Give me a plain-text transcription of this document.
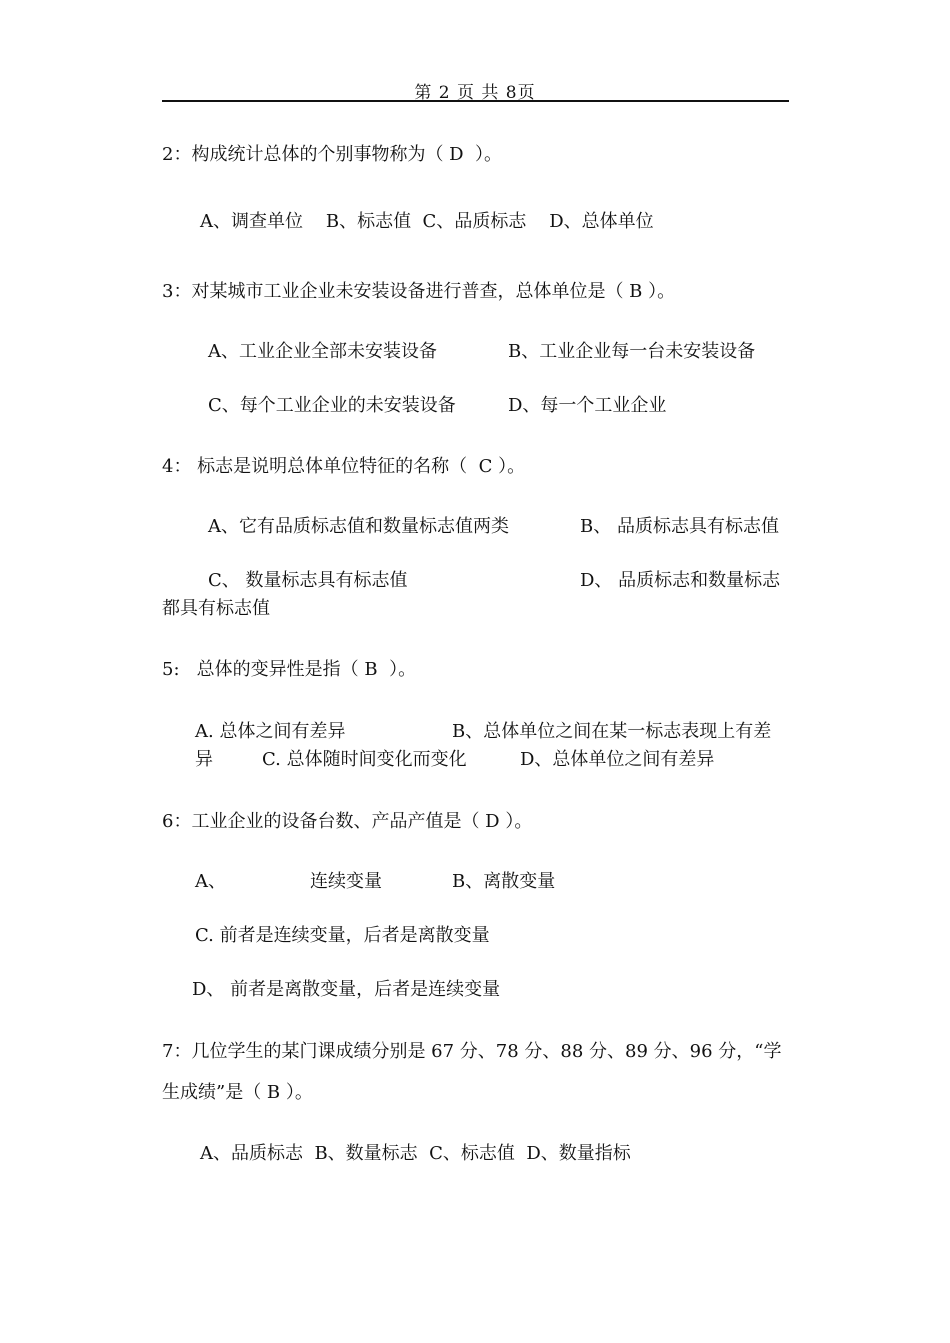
第 2 页 共 8页
2：构成统计总体的个别事物称为（ D  ）。
A、调查单位    B、标志值  C、品质标志    D、总体单位
3：对某城市工业企业未安装设备进行普查，总体单位是（ B ）。
A、工业企业全部未安装设备	B、工业企业每一台未安装设备
C、每个工业企业的未安装设备	D、每一个工业企业
4： 标志是说明总体单位特征的名称（  C ）。
A、它有品质标志值和数量标志值两类	B、 品质标志具有标志值
C、 数量标志具有标志值	D、 品质标志和数量标志
都具有标志值
5:   总体的变异性是指（ B  ）。
A. 总体之间有差异	B、总体单位之间在某一标志表现上有差
异	C. 总体随时间变化而变化	D、总体单位之间有差异
6：工业企业的设备台数、产品产值是（ D ）。
A、	连续变量	B、离散变量
C. 前者是连续变量，后者是离散变量
D、 前者是离散变量，后者是连续变量
7：几位学生的某门课成绩分别是 67 分、78 分、88 分、89 分、96 分，“学
生成绩”是（ B ）。
A、品质标志  B、数量标志  C、标志值  D、数量指标
